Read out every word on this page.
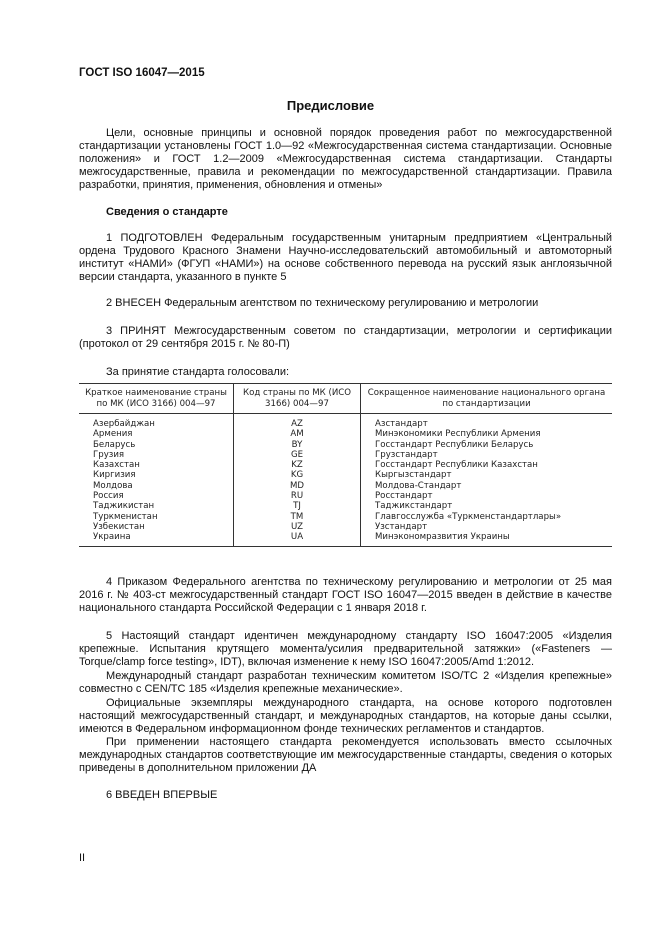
ГОСТ ISO 16047—2015
Предисловие

Цели, основные принципы и основной порядок проведения работ по межгосударственной стандартизации установлены ГОСТ 1.0—92 «Межгосударственная система стандартизации. Основные положения» и ГОСТ 1.2—2009 «Межгосударственная система стандартизации. Стандарты межгосударственные, правила и рекомендации по межгосударственной стандартизации. Правила разработки, принятия, применения, обновления и отмены»

Сведения о стандарте

1 ПОДГОТОВЛЕН Федеральным государственным унитарным предприятием «Центральный ордена Трудового Красного Знамени Научно-исследовательский автомобильный и автомоторный институт «НАМИ» (ФГУП «НАМИ») на основе собственного перевода на русский язык англоязычной версии стандарта, указанного в пункте 5

2 ВНЕСЕН Федеральным агентством по техническому регулированию и метрологии

3 ПРИНЯТ Межгосударственным советом по стандартизации, метрологии и сертификации (протокол от 29 сентября 2015 г. № 80-П)

За принятие стандарта голосовали:
Краткое наименование страны по МК (ИСО 3166) 004—97	Код страны по МК (ИСО 3166) 004—97	Сокращенное наименование национального органа по стандартизации
Азербайджан	AZ	Азстандарт
Армения	AM	Минэкономики Республики Армения
Беларусь	BY	Госстандарт Республики Беларусь
Грузия	GE	Грузстандарт
Казахстан	KZ	Госстандарт Республики Казахстан
Киргизия	KG	Кыргызстандарт
Молдова	MD	Молдова-Стандарт
Россия	RU	Росстандарт
Таджикистан	TJ	Таджикстандарт
Туркменистан	TM	Главгосслужба «Туркменстандартлары»
Узбекистан	UZ	Узстандарт
Украина	UA	Минэкономразвития Украины

4 Приказом Федерального агентства по техническому регулированию и метрологии от 25 мая 2016 г. № 403-ст межгосударственный стандарт ГОСТ ISO 16047—2015 введен в действие в качестве национального стандарта Российской Федерации с 1 января 2018 г.

5 Настоящий стандарт идентичен международному стандарту ISO 16047:2005 «Изделия крепежные. Испытания крутящего момента/усилия предварительной затяжки» («Fasteners — Torque/clamp force testing», IDT), включая изменение к нему ISO 16047:2005/Amd 1:2012.

Международный стандарт разработан техническим комитетом ISO/TC 2 «Изделия крепежные» совместно с CEN/TC 185 «Изделия крепежные механические».

Официальные экземпляры международного стандарта, на основе которого подготовлен настоящий межгосударственный стандарт, и международных стандартов, на которые даны ссылки, имеются в Федеральном информационном фонде технических регламентов и стандартов.

При применении настоящего стандарта рекомендуется использовать вместо ссылочных международных стандартов соответствующие им межгосударственные стандарты, сведения о которых приведены в дополнительном приложении ДА

6 ВВЕДЕН ВПЕРВЫЕ

II
